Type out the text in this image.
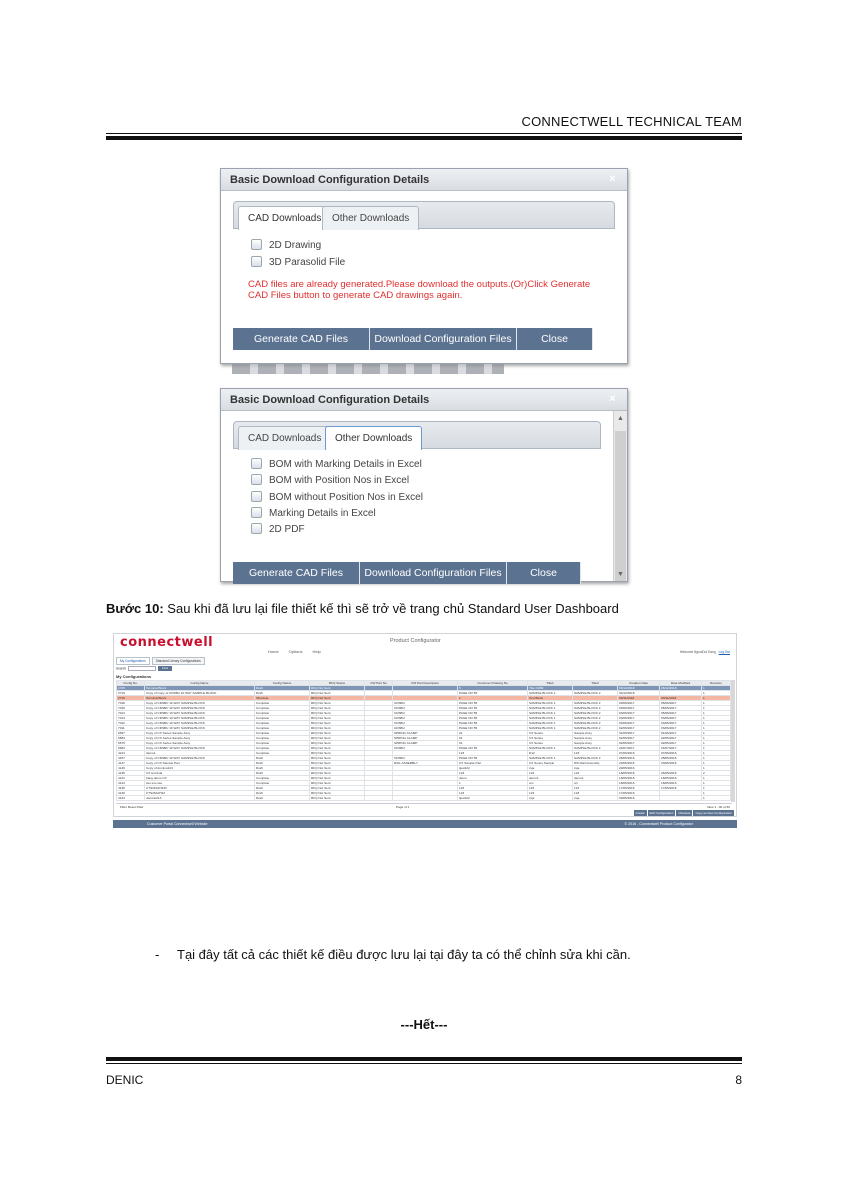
CONNECTWELL TECHNICAL TEAM
Basic Download Configuration Details	×
CAD Downloads	Other Downloads
2D Drawing
3D Parasolid File
CAD files are already generated.Please download the outputs.(Or)Click Generate CAD Files button to generate CAD drawings again.
Generate CAD Files	Download Configuration Files	Close
Basic Download Configuration Details	×
▲
▼
CAD Downloads	Other Downloads
BOM with Marking Details in Excel
BOM with Position Nos in Excel
BOM without Position Nos in Excel
Marking Details in Excel
2D PDF
Generate CAD Files	Download Configuration Files	Close
Bước 10: Sau khi đã lưu lại file thiết kế thì sẽ trở về trang chủ Standard User Dashboard
connectwell	Product Configurator
Home	Options	Help	Welcome NguoiDui Dang Log Out
My Configurations	Standard Library Configurations
Search	Find
My Configurations
Config No.	Config Name	Config Status	RFQ Status	CW Part No	CW Part Description	Customer Drawing No	Title1	Title2	Creation Date	Date Modified	Revision
2725	Terminal Block	Draft	RFQ Not Sent			5	Title CWM		06/12/2018	06/12/2018	1
2719	Copy of Copy of CDSBU 10 WAY SAMPLE BLOCK	Draft	RFQ Not Sent			PAGE NO 55	SAMPLE BLOCK 1	SAMPLE BLOCK 2	04/12/2018		1
2715	Terminal Block	Obsolete	RFQ Not Sent			1	Test Block		30/11/2018	30/11/2018	1
7018	Copy of CDSBU 10 WAY SAMPLE BLOCK	Complete	RFQ Not Sent		CDSBU	PAGE NO 55	SAMPLE BLOCK 1	SAMPLE BLOCK 2	03/06/2017	05/06/2017	1
7016	Copy of CDSBU 10 WAY SAMPLE BLOCK	Complete	RFQ Not Sent		CDSBU	PAGE NO 55	SAMPLE BLOCK 1	SAMPLE BLOCK 2	03/06/2017	05/06/2017	1
7014	Copy of CDSBU 10 WAY SAMPLE BLOCK	Complete	RFQ Not Sent		CDSBU	PAGE NO 55	SAMPLE BLOCK 1	SAMPLE BLOCK 2	03/06/2017	05/06/2017	1
7013	Copy of CDSBU 10 WAY SAMPLE BLOCK	Complete	RFQ Not Sent		CDSBU	PAGE NO 55	SAMPLE BLOCK 1	SAMPLE BLOCK 2	03/06/2017	03/06/2017	1
7012	Copy of CDSBU 10 WAY SAMPLE BLOCK	Complete	RFQ Not Sent		CDSBU	PAGE NO 55	SAMPLE BLOCK 1	SAMPLE BLOCK 2	03/06/2017	03/06/2017	1
7011	Copy of CDSBU 10 WAY SAMPLE BLOCK	Complete	RFQ Not Sent		CDSBU	PAGE NO 55	SAMPLE BLOCK 1	SAMPLE BLOCK 2	02/06/2017	03/06/2017	1
6697	Copy of CX Series Sample Assy	Complete	RFQ Not Sent		SPRING CLAMP	01	CX Series	Sample Assy	31/05/2017	01/06/2017	1
6683	Copy of CX Series Sample Assy	Complete	RFQ Not Sent		SPRING CLAMP	01	CX Series	Sample Assy	02/05/2017	02/05/2017	1
6675	Copy of CX Series Sample Assy	Complete	RFQ Not Sent		SPRING CLAMP	01	CX Series	Sample Assy	02/05/2017	02/05/2017	1
5684	Copy of CDSBU 10 WAY SAMPLE BLOCK	Complete	RFQ Not Sent		CDSBU	PAGE NO 55	SAMPLE BLOCK 1	SAMPLE BLOCK 2	24/07/2017	24/07/2017	1
4214	demo1	Complete	RFQ Not Sent			123	D12	123	07/06/2016	07/06/2016	1
4157	Copy of CDSBU 10 WAY SAMPLE BLOCK	Draft	RFQ Not Sent		CDSBU	PAGE NO 55	SAMPLE BLOCK 1	SAMPLE BLOCK 2	28/05/2016	28/05/2016	1
4147	Copy of CX Sample Part	Draft	RFQ Not Sent		RAIL ASSEMBLY	CX Sample Part	CX Series Sample	DIN Rail Assembly	20/05/2016	20/06/2016	1
4146	Copy of domino213	Draft	RFQ Not Sent			tjuw222	cvje	cvje	20/05/2016		1
4135	CX terminal	Draft	RFQ Not Sent			123	123	123	18/05/2016	26/05/2016	2
4131	hang demo CX	Complete	RFQ Not Sent			demo	demo1	demo1	18/05/2016	18/05/2016	1
4143	ssu ssu ssu	Complete	RFQ Not Sent			1	ccc	ccr	18/05/2016	18/05/2016	1
4138	CTS26JAH23V	Draft	RFQ Not Sent			123	123	123	17/05/2016	17/05/2016	1
4130	CTS26JAH23	Draft	RFQ Not Sent			123	123	123	17/05/2016		1
4134	domino213	Draft	RFQ Not Sent			tjuw222	cvje	cvje	09/05/2016		1
Filter Reset Filter	Page of 1	View 1 - 30 of 30
Create	Edit Configuration	Obsolete	Copy as New Configuration
Customer Portal Connectwell Website	© 2016 - Connectwell Product Configurator
- Tại đây tất cả các thiết kế điều được lưu lại tại đây ta có thể chỉnh sửa khi cần.
---Hết---
DENIC	8
